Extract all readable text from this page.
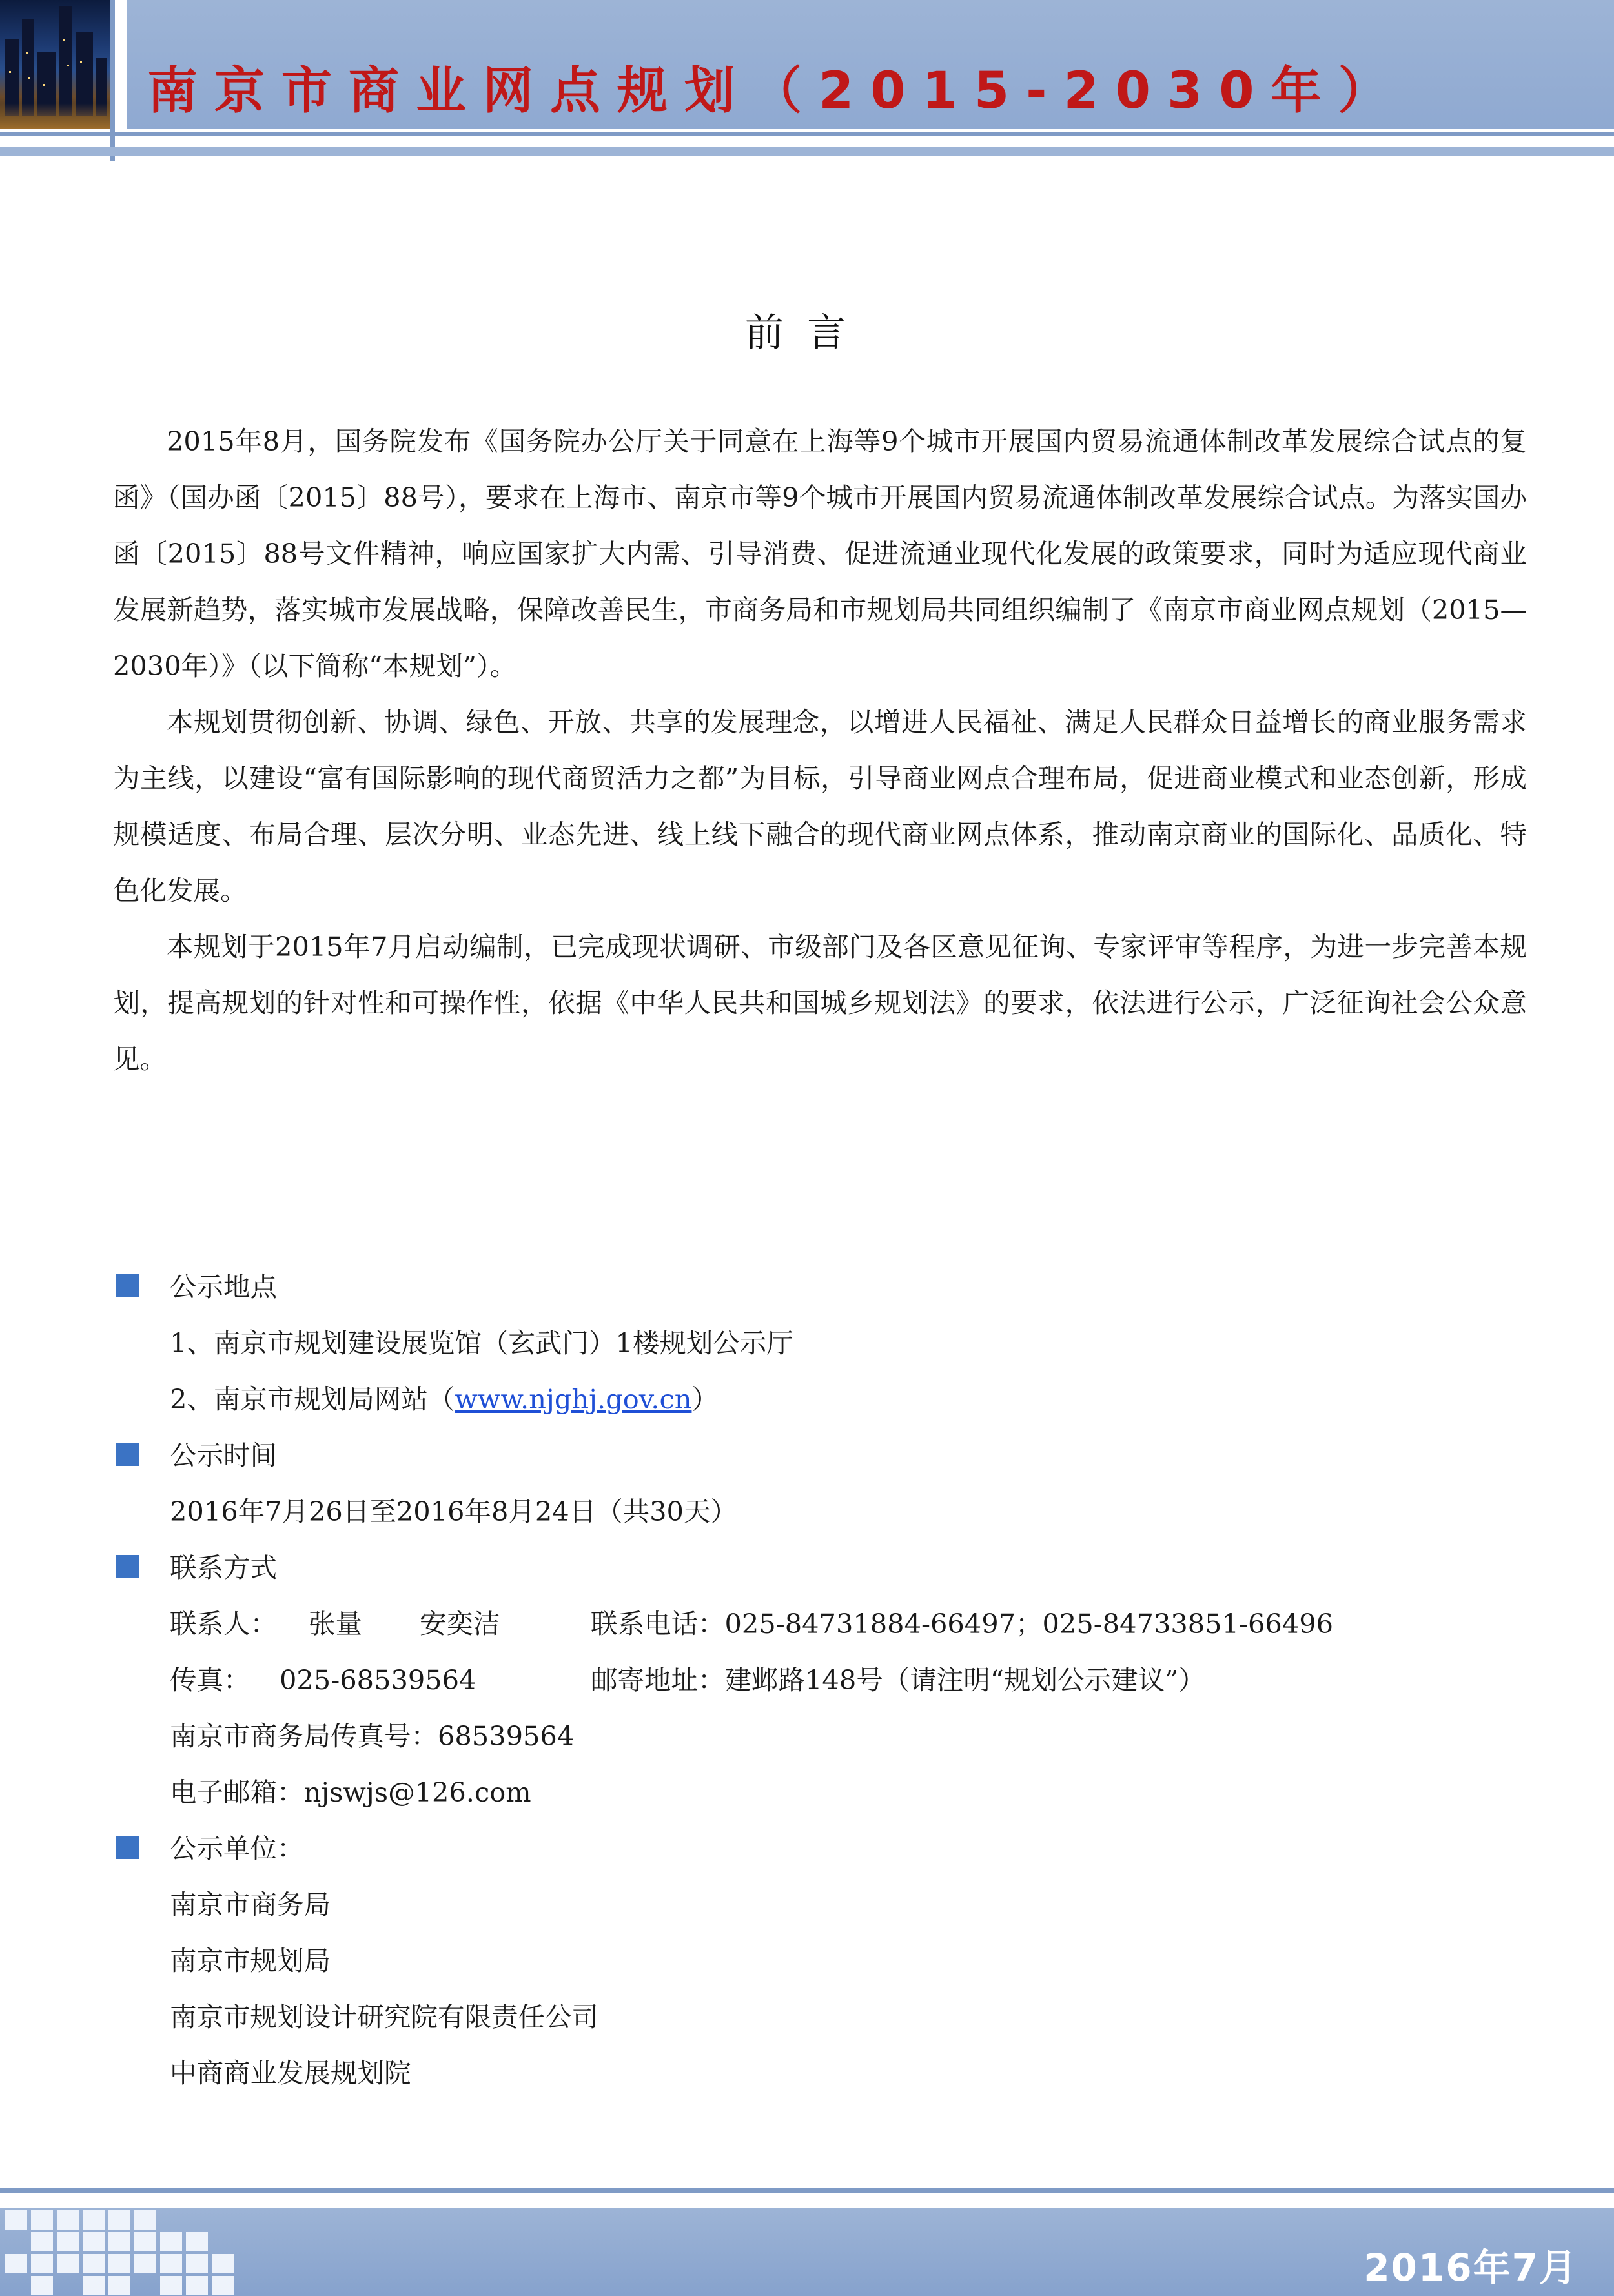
南京市商业网点规划（2015-2030年）
前言

2015年8月，国务院发布《国务院办公厅关于同意在上海等9个城市开展国内贸易流通体制改革发展综合试点的复函》（国办函〔2015〕88号），要求在上海市、南京市等9个城市开展国内贸易流通体制改革发展综合试点。为落实国办函〔2015〕88号文件精神，响应国家扩大内需、引导消费、促进流通业现代化发展的政策要求，同时为适应现代商业发展新趋势，落实城市发展战略，保障改善民生，市商务局和市规划局共同组织编制了《南京市商业网点规划（2015—2030年）》（以下简称“本规划”）。

本规划贯彻创新、协调、绿色、开放、共享的发展理念，以增进人民福祉、满足人民群众日益增长的商业服务需求为主线，以建设“富有国际影响的现代商贸活力之都”为目标，引导商业网点合理布局，促进商业模式和业态创新，形成规模适度、布局合理、层次分明、业态先进、线上线下融合的现代商业网点体系，推动南京商业的国际化、品质化、特色化发展。

本规划于2015年7月启动编制，已完成现状调研、市级部门及各区意见征询、专家评审等程序，为进一步完善本规划，提高规划的针对性和可操作性，依据《中华人民共和国城乡规划法》的要求，依法进行公示，广泛征询社会公众意见。

公示地点
1、南京市规划建设展览馆（玄武门）1楼规划公示厅
2、南京市规划局网站（www.njghj.gov.cn）
公示时间
2016年7月26日至2016年8月24日（共30天）
联系方式
联系人： 张量 安奕洁	联系电话：025-84731884-66497；025-84733851-66496
传真： 025-68539564	邮寄地址：建邺路148号（请注明“规划公示建议”）
南京市商务局传真号：68539564
电子邮箱：njswjs@126.com
公示单位：
南京市商务局
南京市规划局
南京市规划设计研究院有限责任公司
中商商业发展规划院
2016年7月
